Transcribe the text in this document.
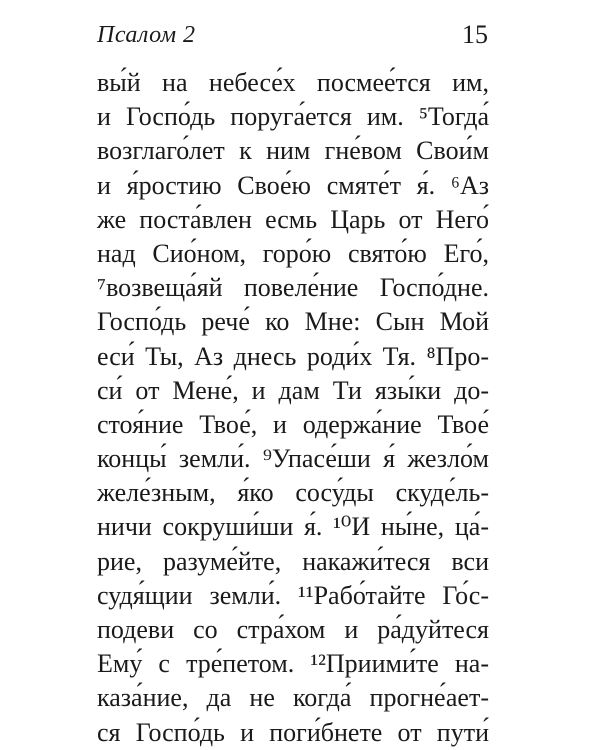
Псалом 2	15
вы́й на небесе́х посмее́тся им,
и Госпо́дь поруга́ется им. ⁵Тогда́
возглаго́лет к ним гне́вом Свои́м
и я́ростию Свое́ю смяте́т я́. ⁶Аз
же поста́влен есмь Царь от Него́
над Сио́ном, горо́ю свято́ю Его́,
⁷возвеща́яй повеле́ние Госпо́дне.
Госпо́дь рече́ ко Мне: Сын Мой
еси́ Ты, Аз днесь роди́х Тя. ⁸Про-
си́ от Мене́, и дам Ти язы́ки до-
стоя́ние Твое́, и одержа́ние Твое́
концы́ земли́. ⁹Упасе́ши я́ жезло́м
желе́зным, я́ко сосу́ды скуде́ль-
ничи сокруши́ши я́. ¹⁰И ны́не, ца́-
рие, разуме́йте, накажи́теся вси
судя́щии земли́. ¹¹Рабо́тайте Го́с-
подеви со стра́хом и ра́дуйтеся
Ему́ с тре́петом. ¹²Приими́те на-
каза́ние, да не когда́ прогне́ает-
ся Госпо́дь и поги́бнете от пути́
